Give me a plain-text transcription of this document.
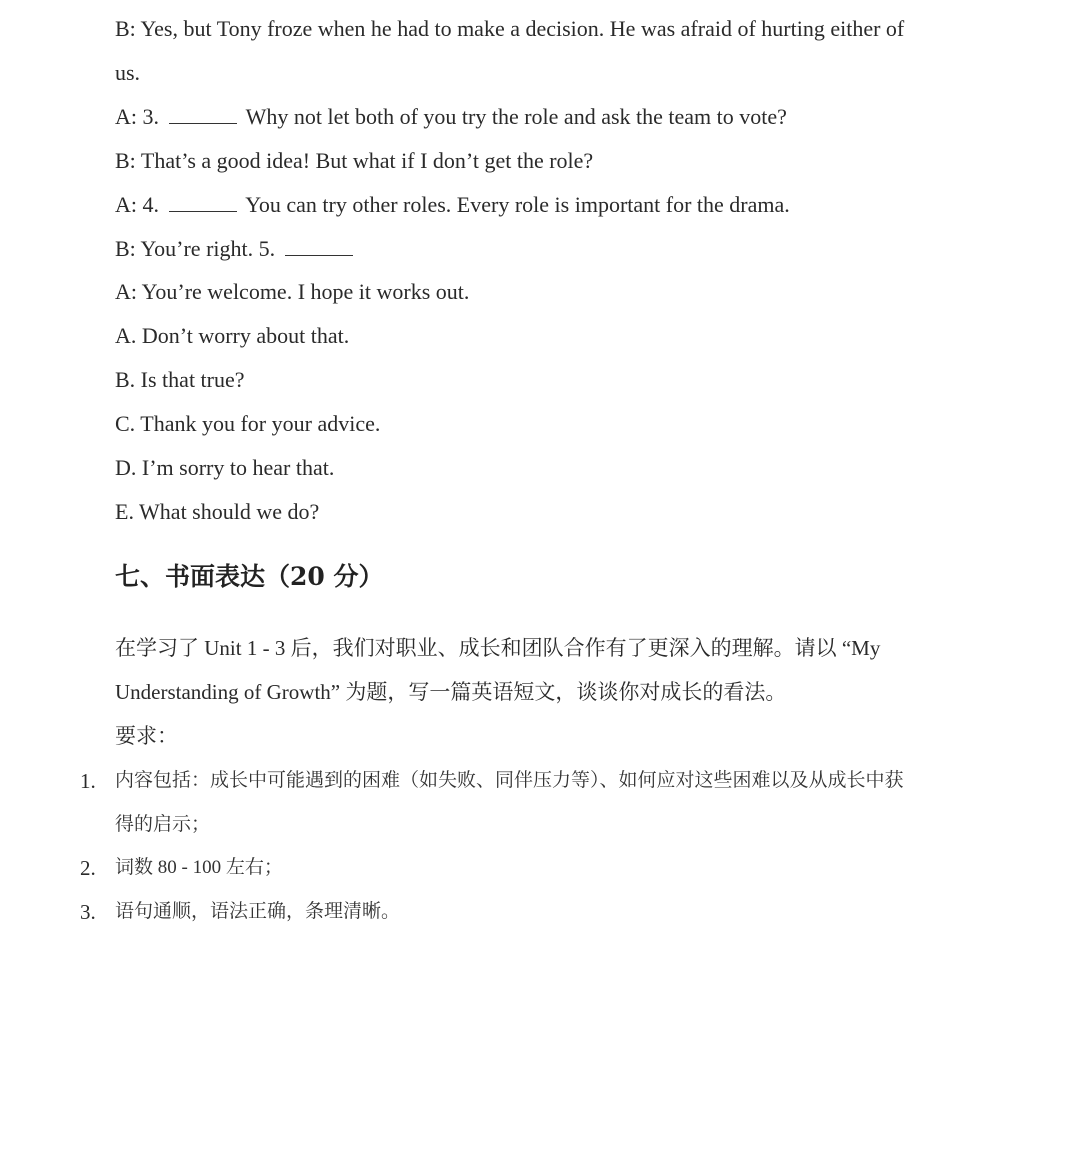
B: Yes, but Tony froze when he had to make a decision. He was afraid of hurting either of
us.
A: 3.	Why not let both of you try the role and ask the team to vote?
B: That’s a good idea! But what if I don’t get the role?
A: 4.	You can try other roles. Every role is important for the drama.
B: You’re right. 5.
A: You’re welcome. I hope it works out.
A. Don’t worry about that.
B. Is that true?
C. Thank you for your advice.
D. I’m sorry to hear that.
E. What should we do?
七、书面表达（20 分）
在学习了 Unit 1 - 3 后，我们对职业、成长和团队合作有了更深入的理解。请以 “My
Understanding of Growth” 为题，写一篇英语短文，谈谈你对成长的看法。
要求：
1. 内容包括：成长中可能遇到的困难（如失败、同伴压力等）、如何应对这些困难以及从成长中获
得的启示；
2. 词数 80 - 100 左右；
3. 语句通顺，语法正确，条理清晰。
